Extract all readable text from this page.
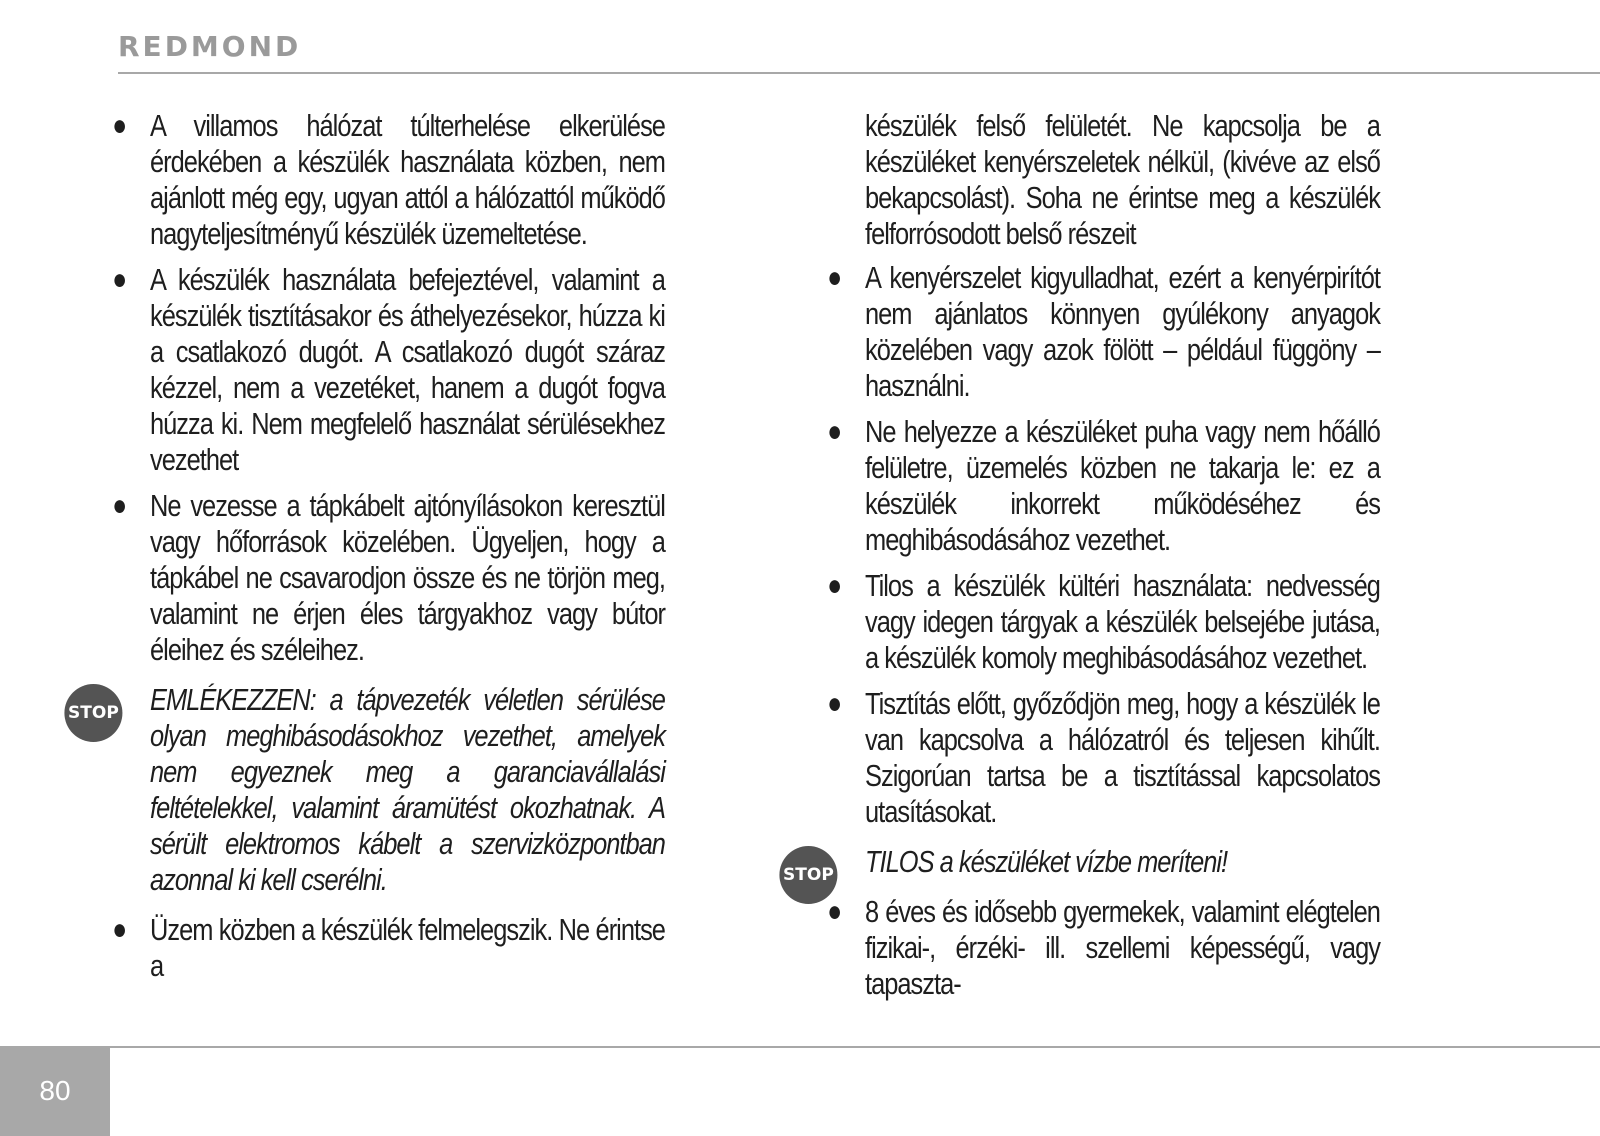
REDMOND
● A villamos hálózat túlterhelése elkerülése érdekében a készülék használata közben, nem ajánlott még egy, ugyan attól a hálózattól működő nagyteljesítményű készülék üzemeltetése.
● A készülék használata befejeztével, valamint a készülék tisztításakor és áthelyezésekor, húzza ki a csatlakozó dugót. A csatlakozó dugót száraz kézzel, nem a vezetéket, hanem a dugót fogva húzza ki. Nem megfelelő használat sérülésekhez vezethet
● Ne vezesse a tápkábelt ajtónyílásokon keresztül vagy hőforrások közelében. Ügyeljen, hogy a tápkábel ne csavarodjon össze és ne törjön meg, valamint ne érjen éles tárgyakhoz vagy bútor éleihez és széleihez.
STOP EMLÉKEZZEN: a tápvezeték véletlen sérülése olyan meghibásodásokhoz vezethet, amelyek nem egyeznek meg a garanciavállalási feltételekkel, valamint áramütést okozhatnak. A sérült elektromos kábelt a szervizközpontban azonnal ki kell cserélni.
● Üzem közben a készülék felmelegszik. Ne érintse a
készülék felső felületét. Ne kapcsolja be a készüléket kenyérszeletek nélkül, (kivéve az első bekapcsolást). Soha ne érintse meg a készülék felforrósodott belső részeit
● A kenyérszelet kigyulladhat, ezért a kenyérpirítót nem ajánlatos könnyen gyúlékony anyagok közelében vagy azok fölött – például függöny – használni.
● Ne helyezze a készüléket puha vagy nem hőálló felületre, üzemelés közben ne takarja le: ez a készülék inkorrekt működéséhez és meghibásodásához vezethet.
● Tilos a készülék kültéri használata: nedvesség vagy idegen tárgyak a készülék belsejébe jutása, a készülék komoly meghibásodásához vezethet.
● Tisztítás előtt, győződjön meg, hogy a készülék le van kapcsolva a hálózatról és teljesen kihűlt. Szigorúan tartsa be a tisztítással kapcsolatos utasításokat.
STOP TILOS a készüléket vízbe meríteni!
● 8 éves és idősebb gyermekek, valamint elégtelen fizikai-, érzéki- ill. szellemi képességű, vagy tapaszta-
80
